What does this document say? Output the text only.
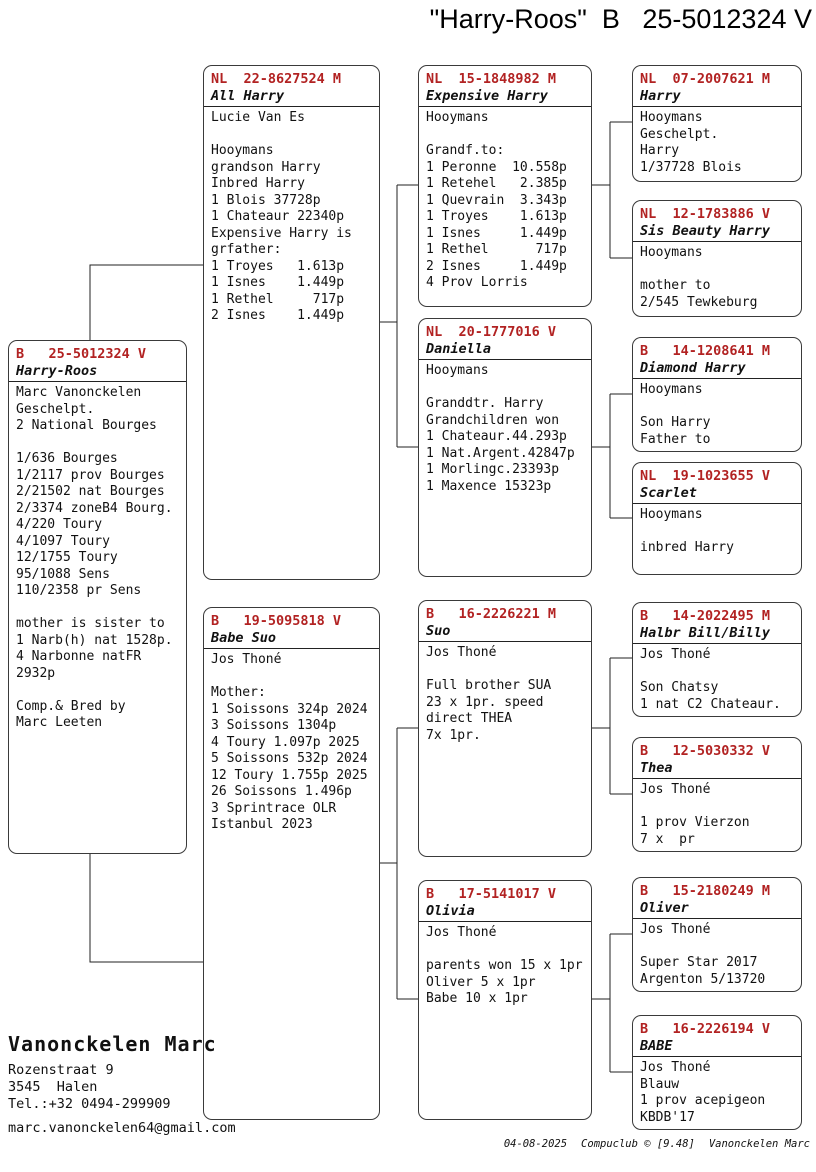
"Harry-Roos"  B   25-5012324 V
B   25-5012324 V
Harry-Roos
Marc Vanonckelen
Geschelpt.
2 National Bourges

1/636 Bourges
1/2117 prov Bourges
2/21502 nat Bourges
2/3374 zoneB4 Bourg.
4/220 Toury
4/1097 Toury
12/1755 Toury
95/1088 Sens
110/2358 pr Sens

mother is sister to
1 Narb(h) nat 1528p.
4 Narbonne natFR
2932p

Comp.& Bred by
Marc Leeten
NL  22-8627524 M
All Harry
Lucie Van Es

Hooymans
grandson Harry
Inbred Harry
1 Blois 37728p
1 Chateaur 22340p
Expensive Harry is
grfather:
1 Troyes   1.613p
1 Isnes    1.449p
1 Rethel     717p
2 Isnes    1.449p
B   19-5095818 V
Babe Suo
Jos Thoné

Mother:
1 Soissons 324p 2024
3 Soissons 1304p
4 Toury 1.097p 2025
5 Soissons 532p 2024
12 Toury 1.755p 2025
26 Soissons 1.496p
3 Sprintrace OLR
Istanbul 2023
NL  15-1848982 M
Expensive Harry
Hooymans

Grandf.to:
1 Peronne  10.558p
1 Retehel   2.385p
1 Quevrain  3.343p
1 Troyes    1.613p
1 Isnes     1.449p
1 Rethel      717p
2 Isnes     1.449p
4 Prov Lorris
NL  20-1777016 V
Daniella
Hooymans

Granddtr. Harry
Grandchildren won
1 Chateaur.44.293p
1 Nat.Argent.42847p
1 Morlingc.23393p
1 Maxence 15323p
B   16-2226221 M
Suo
Jos Thoné

Full brother SUA
23 x 1pr. speed
direct THEA
7x 1pr.
B   17-5141017 V
Olivia
Jos Thoné

parents won 15 x 1pr
Oliver 5 x 1pr
Babe 10 x 1pr
NL  07-2007621 M
Harry
Hooymans
Geschelpt.
Harry
1/37728 Blois
NL  12-1783886 V
Sis Beauty Harry
Hooymans

mother to
2/545 Tewkeburg
B   14-1208641 M
Diamond Harry
Hooymans

Son Harry
Father to
NL  19-1023655 V
Scarlet
Hooymans

inbred Harry
B   14-2022495 M
Halbr Bill/Billy
Jos Thoné

Son Chatsy
1 nat C2 Chateaur.
B   12-5030332 V
Thea
Jos Thoné

1 prov Vierzon
7 x  pr
B   15-2180249 M
Oliver
Jos Thoné

Super Star 2017
Argenton 5/13720
B   16-2226194 V
BABE
Jos Thoné
Blauw
1 prov acepigeon
KBDB'17
Vanonckelen Marc
Rozenstraat 9
3545  Halen
Tel.:+32 0494-299909
marc.vanonckelen64@gmail.com
04-08-2025 Compuclub © [9.48] Vanonckelen Marc
